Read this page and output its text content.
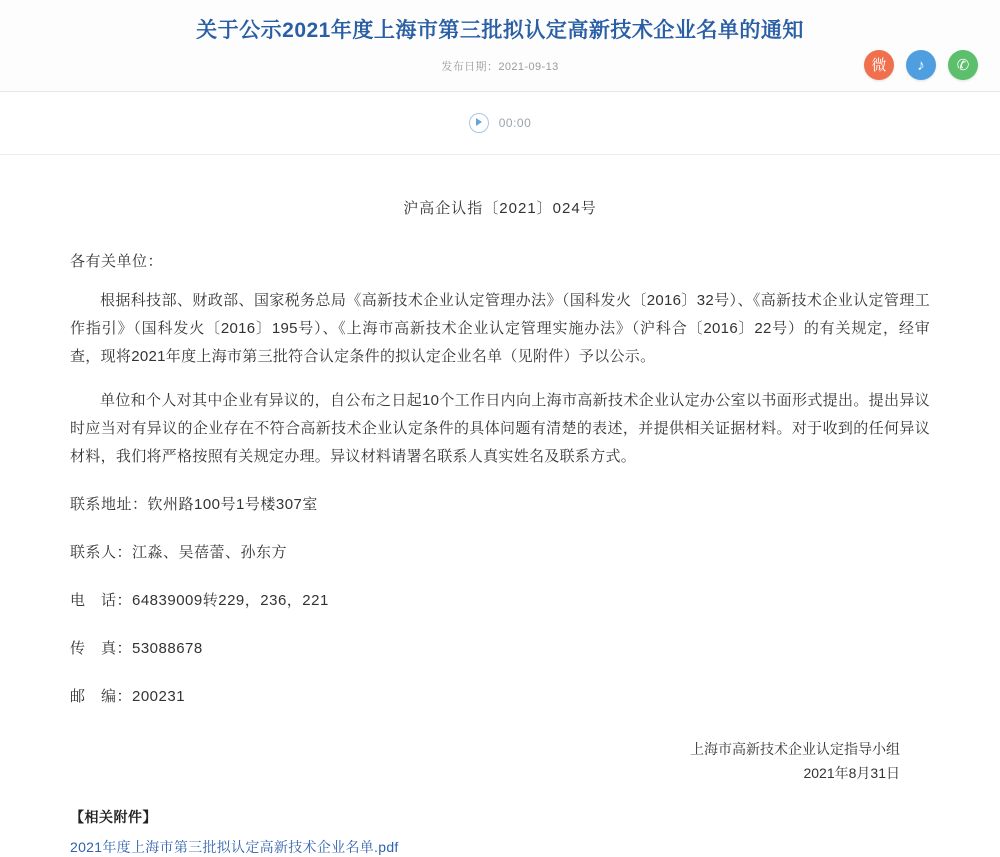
关于公示2021年度上海市第三批拟认定高新技术企业名单的通知
发布日期：2021-09-13	微	♪	✆
00:00
沪高企认指〔2021〕024号
各有关单位：

根据科技部、财政部、国家税务总局《高新技术企业认定管理办法》（国科发火〔2016〕32号）、《高新技术企业认定管理工作指引》（国科发火〔2016〕195号）、《上海市高新技术企业认定管理实施办法》（沪科合〔2016〕22号）的有关规定，经审查，现将2021年度上海市第三批符合认定条件的拟认定企业名单（见附件）予以公示。

单位和个人对其中企业有异议的，自公布之日起10个工作日内向上海市高新技术企业认定办公室以书面形式提出。提出异议时应当对有异议的企业存在不符合高新技术企业认定条件的具体问题有清楚的表述，并提供相关证据材料。对于收到的任何异议材料，我们将严格按照有关规定办理。异议材料请署名联系人真实姓名及联系方式。

联系地址：钦州路100号1号楼307室

联系人：江淼、吴蓓蕾、孙东方

电　话：64839009转229，236，221

传　真：53088678

邮　编：200231

上海市高新技术企业认定指导小组
2021年8月31日
【相关附件】
2021年度上海市第三批拟认定高新技术企业名单.pdf
